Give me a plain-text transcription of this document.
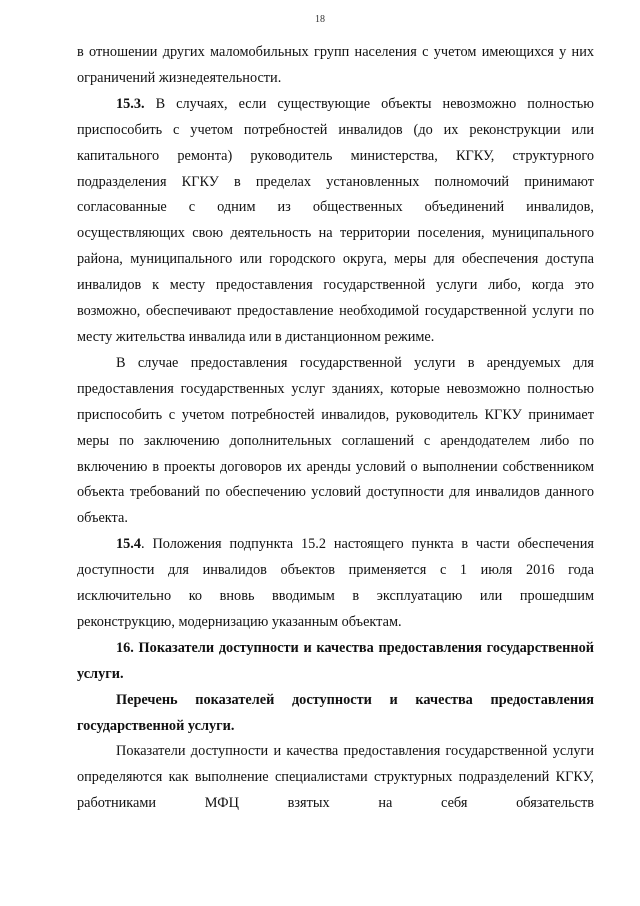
18

в отношении других маломобильных групп населения с учетом имеющихся у них ограничений жизнедеятельности.

15.3. В случаях, если существующие объекты невозможно полностью приспособить с учетом потребностей инвалидов (до их реконструкции или капитального ремонта) руководитель министерства, КГКУ, структурного подразделения КГКУ в пределах установленных полномочий принимают согласованные с одним из общественных объединений инвалидов, осуществляющих свою деятельность на территории поселения, муниципального района, муниципального или городского округа, меры для обеспечения доступа инвалидов к месту предоставления государственной услуги либо, когда это возможно, обеспечивают предоставление необходимой государственной услуги по месту жительства инвалида или в дистанционном режиме.

В случае предоставления государственной услуги в арендуемых для предоставления государственных услуг зданиях, которые невозможно полностью приспособить с учетом потребностей инвалидов, руководитель КГКУ принимает меры по заключению дополнительных соглашений с арендодателем либо по включению в проекты договоров их аренды условий о выполнении собственником объекта требований по обеспечению условий доступности для инвалидов данного объекта.

15.4. Положения подпункта 15.2 настоящего пункта в части обеспечения доступности для инвалидов объектов применяется с 1 июля 2016 года исключительно ко вновь вводимым в эксплуатацию или прошедшим реконструкцию, модернизацию указанным объектам.

16. Показатели доступности и качества предоставления государственной услуги.

Перечень показателей доступности и качества предоставления государственной услуги.

Показатели доступности и качества предоставления государственной услуги определяются как выполнение специалистами структурных подразделений КГКУ, работниками МФЦ взятых на себя обязательств
